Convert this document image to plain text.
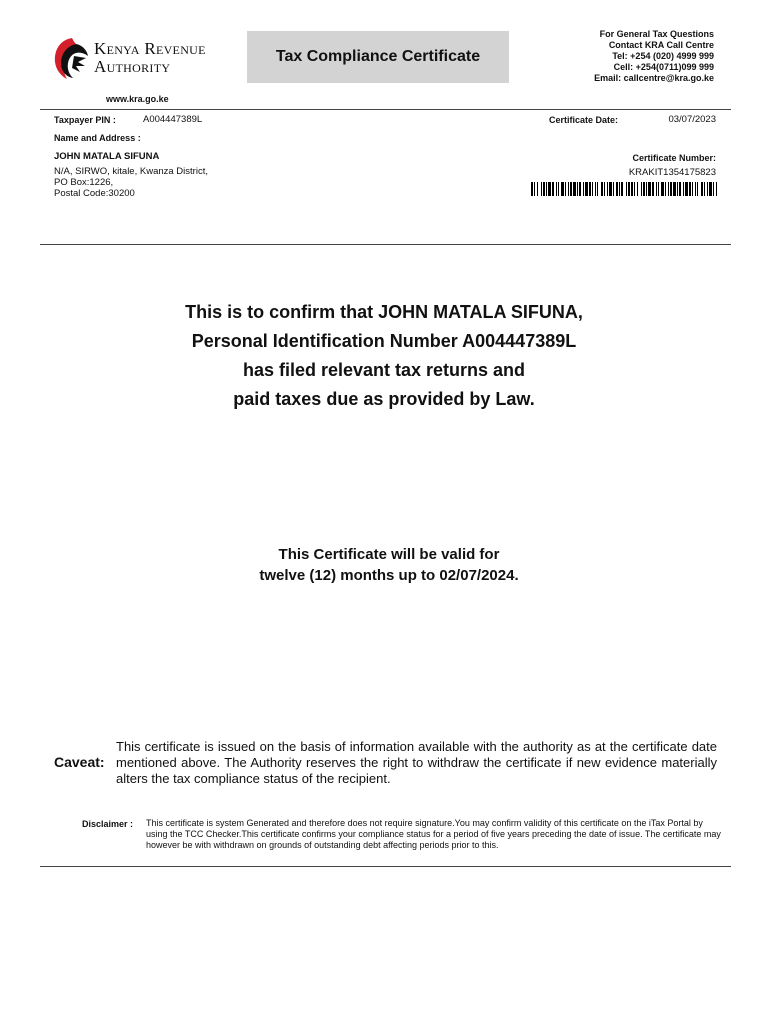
Kenya Revenue
Authority
www.kra.go.ke
Tax Compliance Certificate
For General Tax Questions
Contact KRA Call Centre
Tel: +254 (020) 4999 999
Cell: +254(0711)099 999
Email: callcentre@kra.go.ke
Taxpayer PIN :	A004447389L	Certificate Date:	03/07/2023
Name and Address :
JOHN MATALA SIFUNA
N/A, SIRWO, kitale, Kwanza District,
PO Box:1226,
Postal Code:30200
Certificate Number:
KRAKIT1354175823
This is to confirm that JOHN MATALA SIFUNA,
Personal Identification Number A004447389L
has filed relevant tax returns and
paid taxes due as provided by Law.
This Certificate will be valid for
twelve (12) months up to 02/07/2024.
Caveat:
This certificate is issued on the basis of information available with the authority as at the certificate date mentioned above. The Authority reserves the right to withdraw the certificate if new evidence materially alters the tax compliance status of the recipient.
Disclaimer : This certificate is system Generated and therefore does not require signature.You may confirm validity of this certificate on the iTax Portal by using the TCC Checker.This certificate confirms your compliance status for a period of five years preceding the date of issue. The certificate may however be with withdrawn on grounds of outstanding debt affecting periods prior to this.
